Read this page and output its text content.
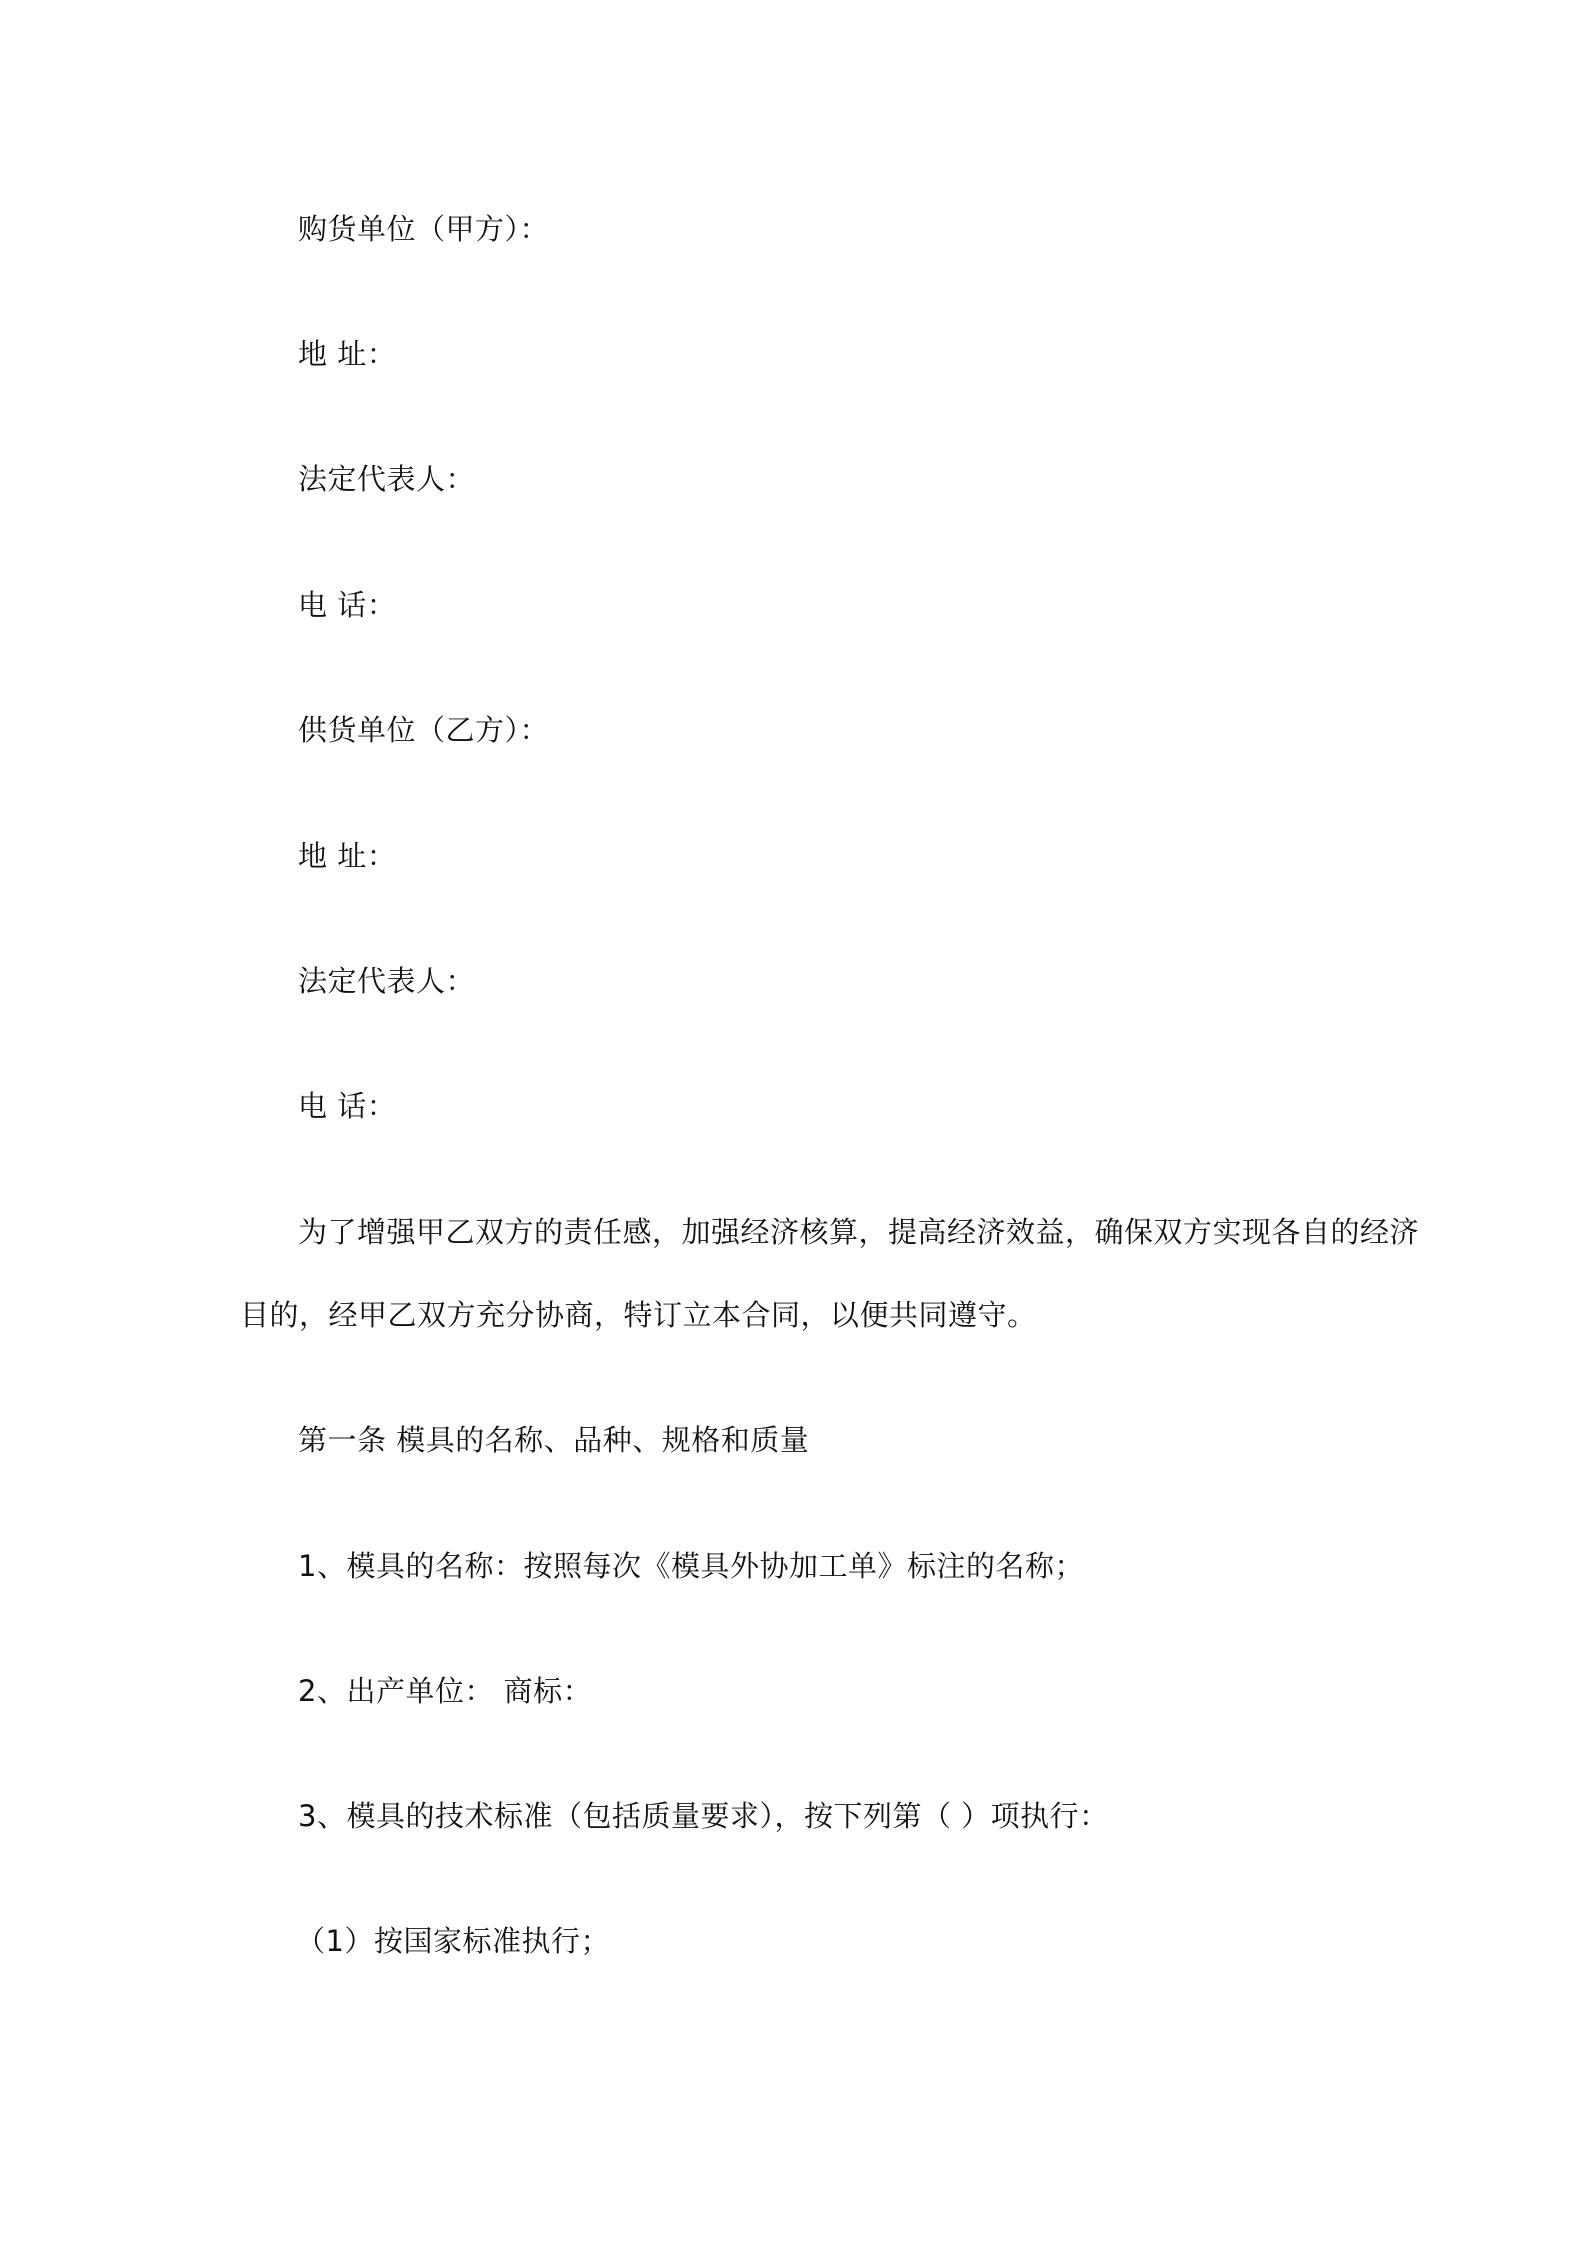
购货单位（甲方）：
地 址：
法定代表人：
电 话：
供货单位（乙方）：
地 址：
法定代表人：
电 话：
为了增强甲乙双方的责任感，加强经济核算，提高经济效益，确保双方实现各自的经济
目的，经甲乙双方充分协商，特订立本合同，以便共同遵守。
第一条 模具的名称、品种、规格和质量
1、模具的名称：按照每次《模具外协加工单》标注的名称；
2、出产单位： 商标：
3、模具的技术标准（包括质量要求），按下列第（ ）项执行：
（1）按国家标准执行；
